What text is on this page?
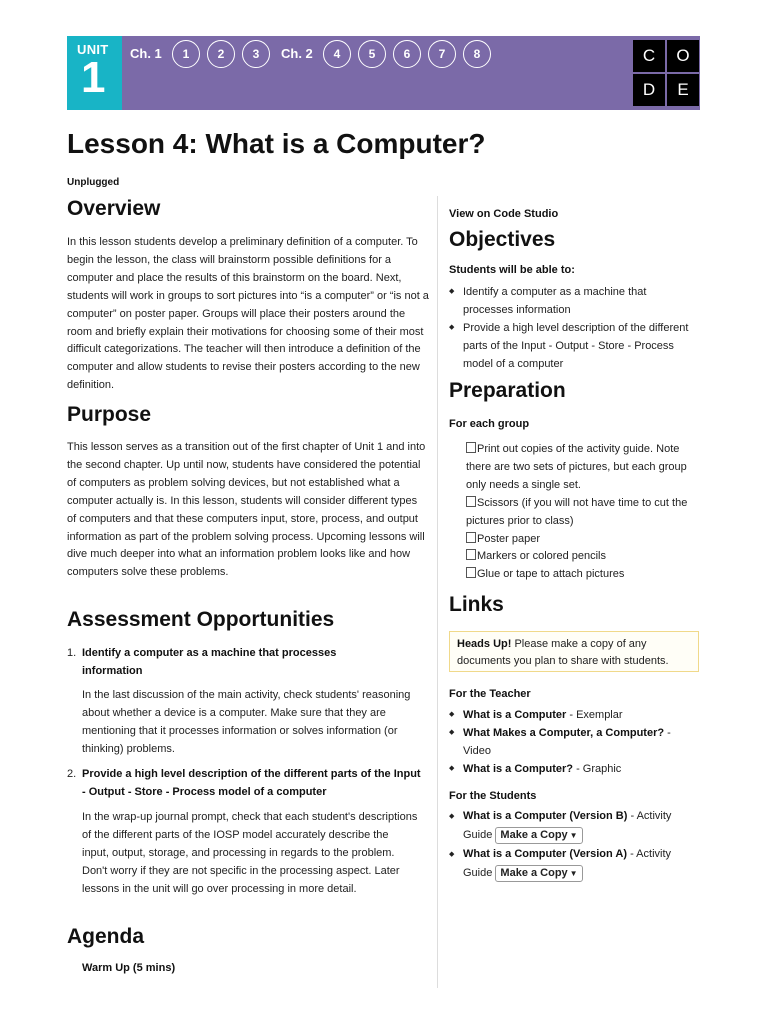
UNIT
1 Ch. 1	1	2	3	Ch. 2	4	5	6	7	8	C	O
D	E
Lesson 4: What is a Computer?
Unplugged
Overview

In this lesson students develop a preliminary definition of a computer. To begin the lesson, the class will brainstorm possible definitions for a computer and place the results of this brainstorm on the board. Next, students will work in groups to sort pictures into “is a computer” or “is not a computer” on poster paper. Groups will place their posters around the room and briefly explain their motivations for choosing some of their most difficult categorizations. The teacher will then introduce a definition of the computer and allow students to revise their posters according to the new definition.

Purpose

This lesson serves as a transition out of the first chapter of Unit 1 and into the second chapter. Up until now, students have considered the potential of computers as problem solving devices, but not established what a computer actually is. In this lesson, students will consider different types of computers and that these computers input, store, process, and output information as part of the problem solving process. Upcoming lessons will dive much deeper into what an information problem looks like and how computers solve these problems.

Assessment Opportunities
1. Identify a computer as a machine that processes information

In the last discussion of the main activity, check students' reasoning about whether a device is a computer. Make sure that they are mentioning that it processes information or solves information (or thinking) problems.

2. Provide a high level description of the different parts of the Input - Output - Store - Process model of a computer

In the wrap-up journal prompt, check that each student's descriptions of the different parts of the IOSP model accurately describe the input, output, storage, and processing in regards to the problem. Don't worry if they are not specific in the processing aspect. Later lessons in the unit will go over processing in more detail.

Agenda

Warm Up (5 mins)

View on Code Studio
Objectives

Students will be able to:

◆ Identify a computer as a machine that processes information
◆ Provide a high level description of the different parts of the Input - Output - Store - Process model of a computer
Preparation

For each group

Print out copies of the activity guide. Note there are two sets of pictures, but each group only needs a single set.
Scissors (if you will not have time to cut the pictures prior to class)
Poster paper
Markers or colored pencils
Glue or tape to attach pictures
Links
Heads Up! Please make a copy of any documents you plan to share with students.

For the Teacher

◆ What is a Computer - Exemplar
◆ What Makes a Computer, a Computer? - Video
◆ What is a Computer? - Graphic

For the Students

◆ What is a Computer (Version B) - Activity Guide Make a Copy ▼
◆ What is a Computer (Version A) - Activity Guide Make a Copy ▼
